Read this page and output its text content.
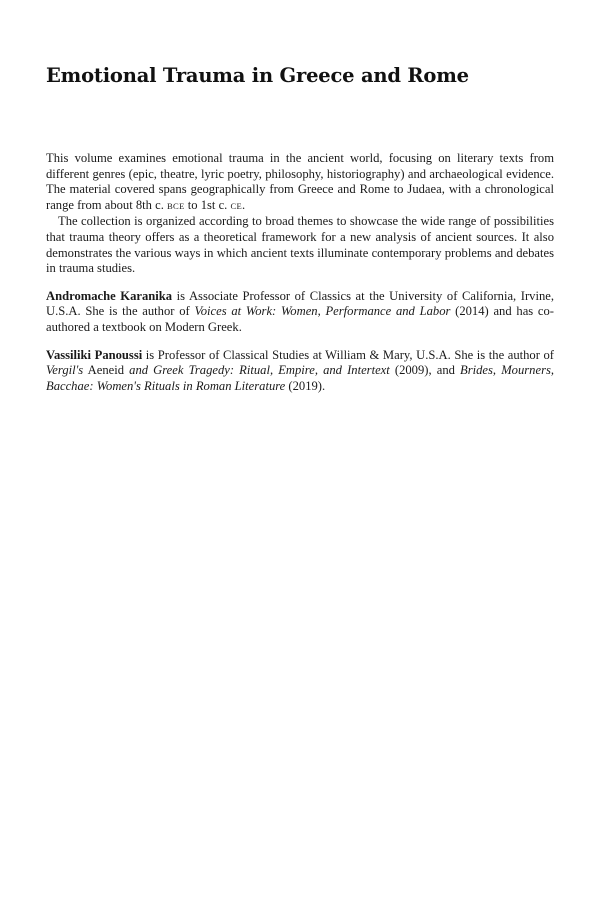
Emotional Trauma in Greece and Rome

This volume examines emotional trauma in the ancient world, focusing on literary texts from different genres (epic, theatre, lyric poetry, philosophy, historiography) and archaeological evidence. The material covered spans geographically from Greece and Rome to Judaea, with a chronological range from about 8th c. BCE to 1st c. CE.

The collection is organized according to broad themes to showcase the wide range of possibilities that trauma theory offers as a theoretical framework for a new analysis of ancient sources. It also demonstrates the various ways in which ancient texts illuminate contemporary problems and debates in trauma studies.

Andromache Karanika is Associate Professor of Classics at the University of California, Irvine, U.S.A. She is the author of Voices at Work: Women, Performance and Labor (2014) and has co-authored a textbook on Modern Greek.

Vassiliki Panoussi is Professor of Classical Studies at William & Mary, U.S.A. She is the author of Vergil's Aeneid and Greek Tragedy: Ritual, Empire, and Intertext (2009), and Brides, Mourners, Bacchae: Women's Rituals in Roman Literature (2019).
